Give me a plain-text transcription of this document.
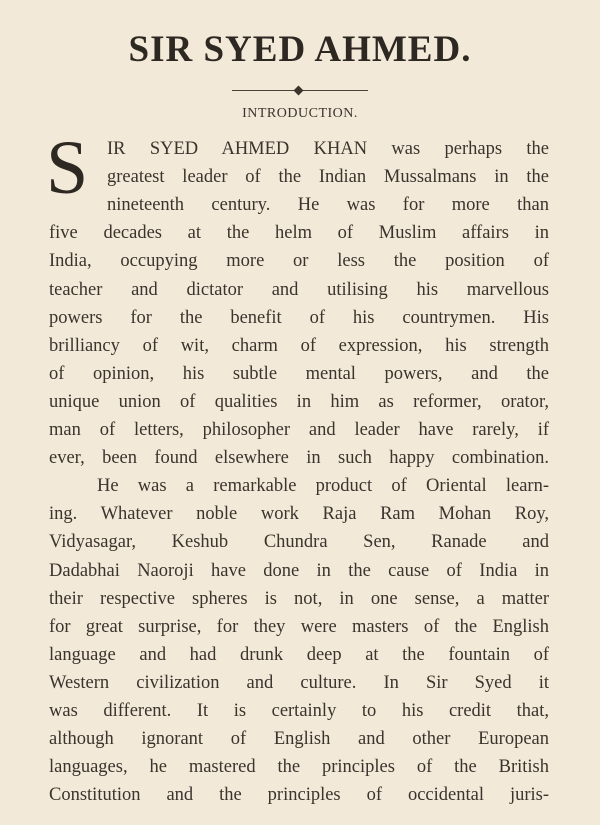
SIR SYED AHMED.
INTRODUCTION.
S IR SYED AHMED KHAN was perhaps the
greatest leader of the Indian Mussalmans in the
nineteenth century. He was for more than
five decades at the helm of Muslim affairs in
India, occupying more or less the position of
teacher and dictator and utilising his marvellous
powers for the benefit of his countrymen. His
brilliancy of wit, charm of expression, his strength
of opinion, his subtle mental powers, and the
unique union of qualities in him as reformer, orator,
man of letters, philosopher and leader have rarely, if
ever, been found elsewhere in such happy combination.
He was a remarkable product of Oriental learn-
ing. Whatever noble work Raja Ram Mohan Roy,
Vidyasagar, Keshub Chundra Sen, Ranade and
Dadabhai Naoroji have done in the cause of India in
their respective spheres is not, in one sense, a matter
for great surprise, for they were masters of the English
language and had drunk deep at the fountain of
Western civilization and culture. In Sir Syed it
was different. It is certainly to his credit that,
although ignorant of English and other European
languages, he mastered the principles of the British
Constitution and the principles of occidental juris-
